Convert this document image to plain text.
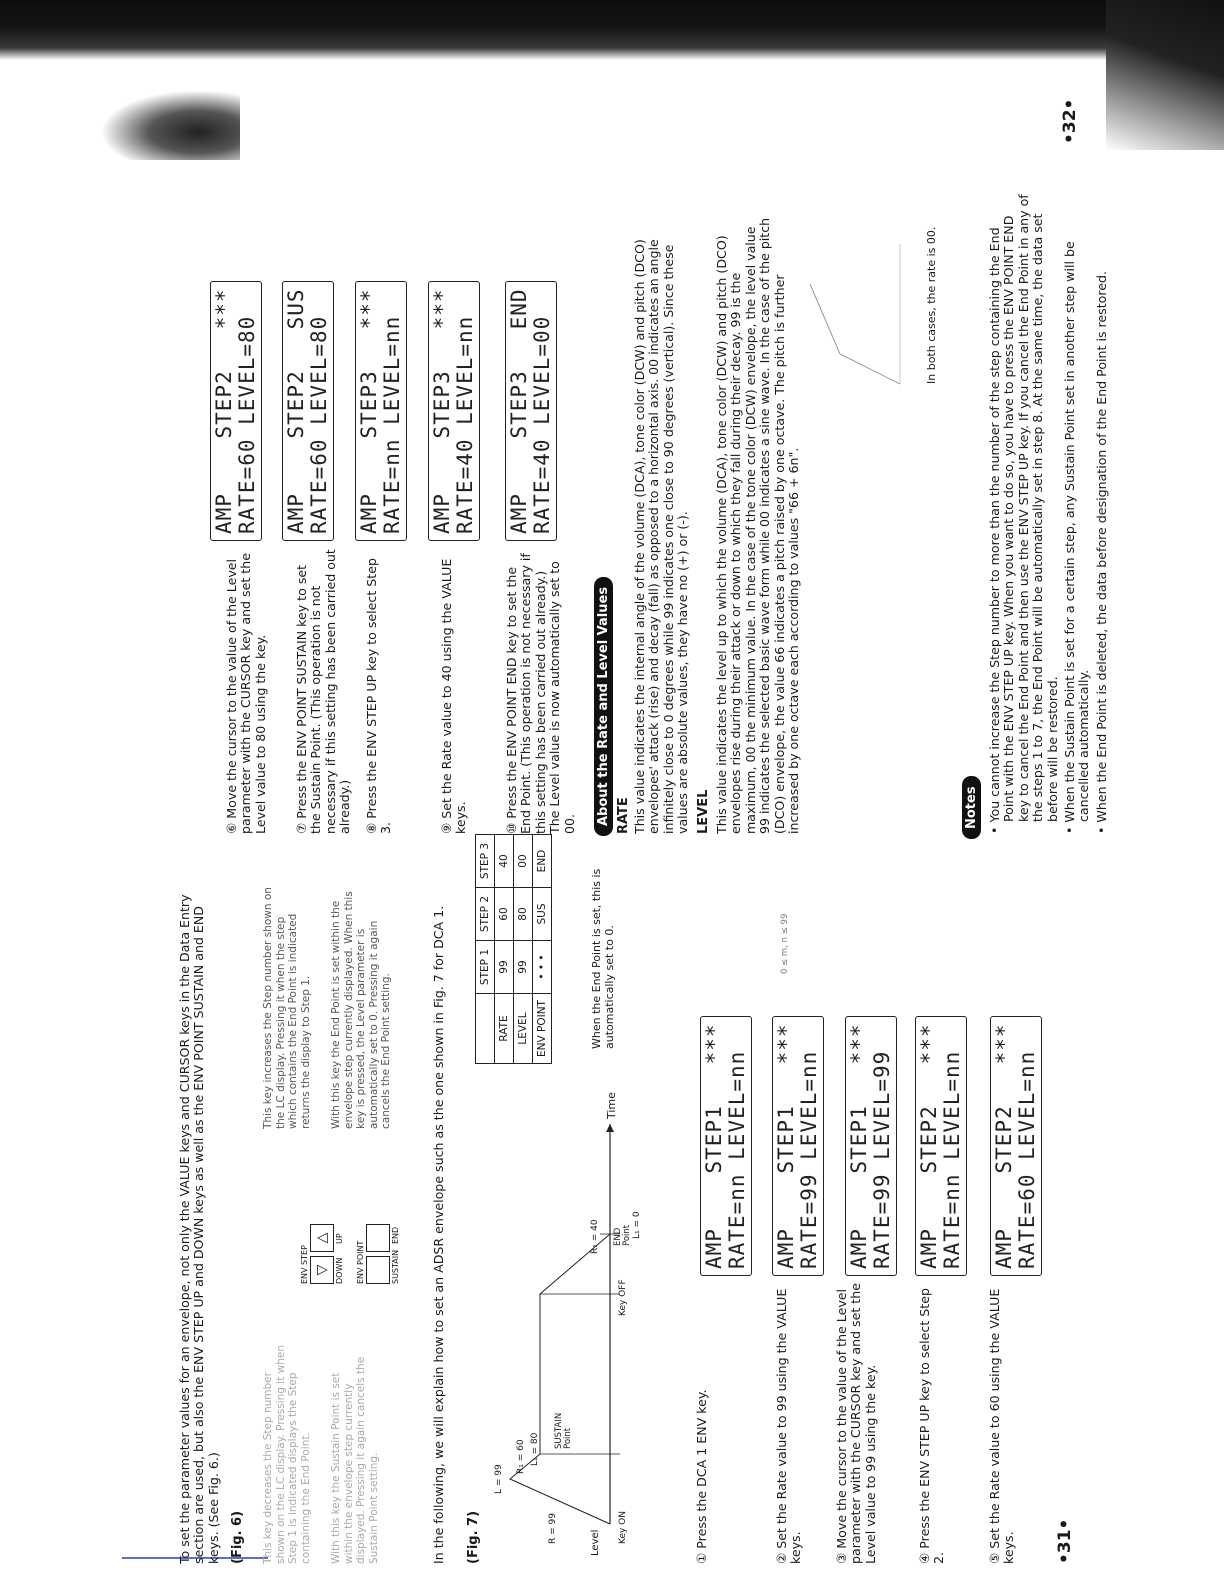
To set the parameter values for an envelope, not only the VALUE keys and CURSOR keys in the Data Entry section are used, but also the ENV STEP UP and DOWN keys as well as the ENV POINT SUSTAIN and END keys. (See Fig. 6.) (Fig. 6) This key decreases the Step number shown on the LC display. Pressing it when Step 1 is indicated displays the Step containing the End Point. With this key the Sustain Point is set within the envelope step currently displayed. Pressing it again cancels the Sustain Point setting.
ENV STEP ▽
△
DOWN
UP
ENV POINT	SUSTAIN
END
This key increases the Step number shown on the LC display. Pressing it when the step which contains the End Point is indicated returns the display to Step 1. With this key the End Point is set within the envelope step currently displayed. When this key is pressed, the Level parameter is automatically set to 0. Pressing it again cancels the End Point setting.	In the following, we will explain how to set an ADSR envelope such as the one shown in Fig. 7 for DCA 1. (Fig. 7)
L = 99
R = 99
R₁ = 60 L₁ = 80
SUSTAIN Point
R₁ = 40	L₁ = 0
END Point
Level Key ON
Key OFF
Time
	STEP 1	STEP 2	STEP 3
RATE	99	60	40
LEVEL	99	80	00
ENV POINT	• • •	SUS	END
When the End Point is set, this is automatically set to 0.
① Press the DCA 1 ENV key.	② Set the Rate value to 99 using the VALUE keys. ③ Move the cursor to the value of the Level parameter with the CURSOR key and set the Level value to 99 using the key.	④ Press the ENV STEP UP key to select Step 2.	⑤ Set the Rate value to 60 using the VALUE keys.
AMP    STEP1   ***
RATE=nn LEVEL=nn
AMP    STEP1   ***
RATE=99 LEVEL=nn
AMP    STEP1   ***
RATE=99 LEVEL=99
AMP    STEP2   ***
RATE=nn LEVEL=nn
AMP    STEP2   ***
RATE=60 LEVEL=nn
0 ≤ m, n ≤ 99
•31•
⑥ Move the cursor to the value of the Level parameter with the CURSOR key and set the Level value to 80 using the key. ⑦ Press the ENV POINT SUSTAIN key to set the Sustain Point. (This operation is not necessary if this setting has been carried out already.) ⑧ Press the ENV STEP UP key to select Step 3.	⑨ Set the Rate value to 40 using the VALUE keys.	⑩ Press the ENV POINT END key to set the End Point. (This operation is not necessary if this setting has been carried out already.) The Level value is now automatically set to 00.
AMP    STEP2   ***
RATE=60 LEVEL=80
AMP    STEP2   SUS
RATE=60 LEVEL=80
AMP    STEP3   ***
RATE=nn LEVEL=nn
AMP    STEP3   ***
RATE=40 LEVEL=nn
AMP    STEP3   END
RATE=40 LEVEL=00
About the Rate and Level Values RATE This value indicates the internal angle of the volume (DCA), tone color (DCW) and pitch (DCO) envelopes' attack (rise) and decay (fall) as opposed to a horizontal axis. 00 indicates an angle infinitely close to 0 degrees while 99 indicates one close to 90 degrees (vertical). Since these values are absolute values, they have no (+) or (-). LEVEL This value indicates the level up to which the volume (DCA), tone color (DCW) and pitch (DCO) envelopes rise during their attack or down to which they fall during their decay. 99 is the maximum, 00 the minimum value. In the case of the tone color (DCW) envelope, the level value 99 indicates the selected basic wave form while 00 indicates a sine wave. In the case of the pitch (DCO) envelope, the value 66 indicates a pitch raised by one octave. The pitch is further increased by one octave each according to values "66 + 6n".
In both cases, the rate is 00.
Notes • You cannot increase the Step number to more than the number of the step containing the End Point with the ENV STEP UP key. When you want to do so, you have to press the ENV POINT END key to cancel the End Point and then use the ENV STEP UP key. If you cancel the End Point in any of the steps 1 to 7, the End Point will be automatically set in step 8. At the same time, the data set before will be restored.

• When the Sustain Point is set for a certain step, any Sustain Point set in another step will be cancelled automatically.

• When the End Point is deleted, the data before designation of the End Point is restored.

•32•
